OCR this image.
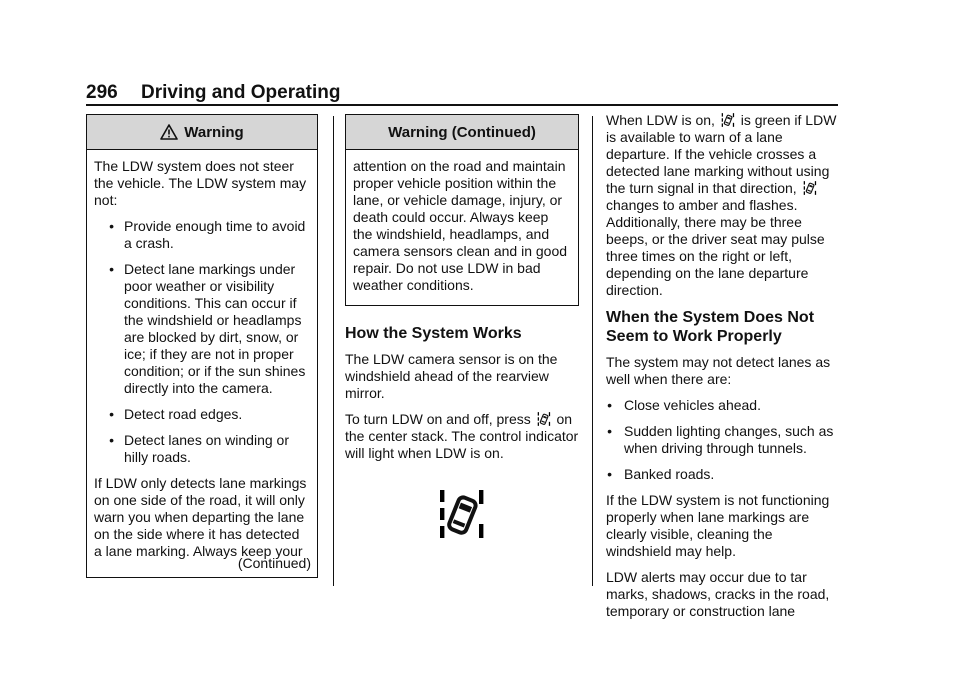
296 Driving and Operating
Warning

The LDW system does not steer the vehicle. The LDW system may not:

• Provide enough time to avoid a crash.
• Detect lane markings under poor weather or visibility conditions. This can occur if the windshield or headlamps are blocked by dirt, snow, or ice; if they are not in proper condition; or if the sun shines directly into the camera.
• Detect road edges.
• Detect lanes on winding or hilly roads.

If LDW only detects lane markings on one side of the road, it will only warn you when departing the lane on the side where it has detected a lane marking. Always keep your

(Continued)
Warning (Continued)

attention on the road and maintain proper vehicle position within the lane, or vehicle damage, injury, or death could occur. Always keep the windshield, headlamps, and camera sensors clean and in good repair. Do not use LDW in bad weather conditions.

How the System Works

The LDW camera sensor is on the windshield ahead of the rearview mirror.

To turn LDW on and off, press on the center stack. The control indicator will light when LDW is on.

When LDW is on, is green if LDW is available to warn of a lane departure. If the vehicle crosses a detected lane marking without using the turn signal in that direction,  changes to amber and flashes. Additionally, there may be three beeps, or the driver seat may pulse three times on the right or left, depending on the lane departure direction.

When the System Does Not Seem to Work Properly

The system may not detect lanes as well when there are:

• Close vehicles ahead.
• Sudden lighting changes, such as when driving through tunnels.
• Banked roads.

If the LDW system is not functioning properly when lane markings are clearly visible, cleaning the windshield may help.

LDW alerts may occur due to tar marks, shadows, cracks in the road, temporary or construction lane
